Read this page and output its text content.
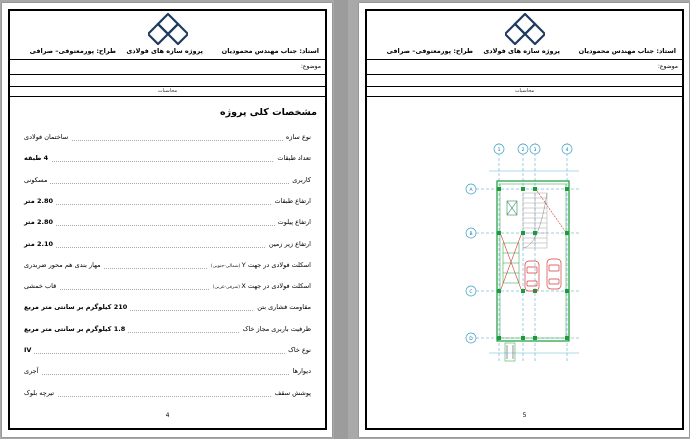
استاد: جناب مهندس محمودیان
پروژه سازه های فولادی
طراح: پورمعتوفی– صرافی
موضوع:
محاسبات
مشخصات کلی پروژه
نوع سازه
ساختمان فولادی
تعداد طبقات
4 طبقه
کاربری
مسکونی
ارتفاع طبقات
2.80 متر
ارتفاع پیلوت
2.80 متر
ارتفاع زیر زمین
2.10 متر
اسکلت فولادی در جهت Y (شمالی-جنوبی)
مهار بندی هم محور ضربدری
اسکلت فولادی در جهت X (شرقی-غربی)
قاب خمشی
مقاومت فشاری بتن
210 کیلوگرم بر سانتی متر مربع
ظرفیت باربری مجاز خاک
1.8 کیلوگرم بر سانتی متر مربع
نوع خاک
IV
دیوارها
آجری
پوشش سقف
تیرچه بلوک
4
استاد: جناب مهندس محمودیان
پروژه سازه های فولادی
طراح: پورمعتوفی– صرافی
موضوع:
محاسبات
1	2 3	4
A
B
C
D
5
